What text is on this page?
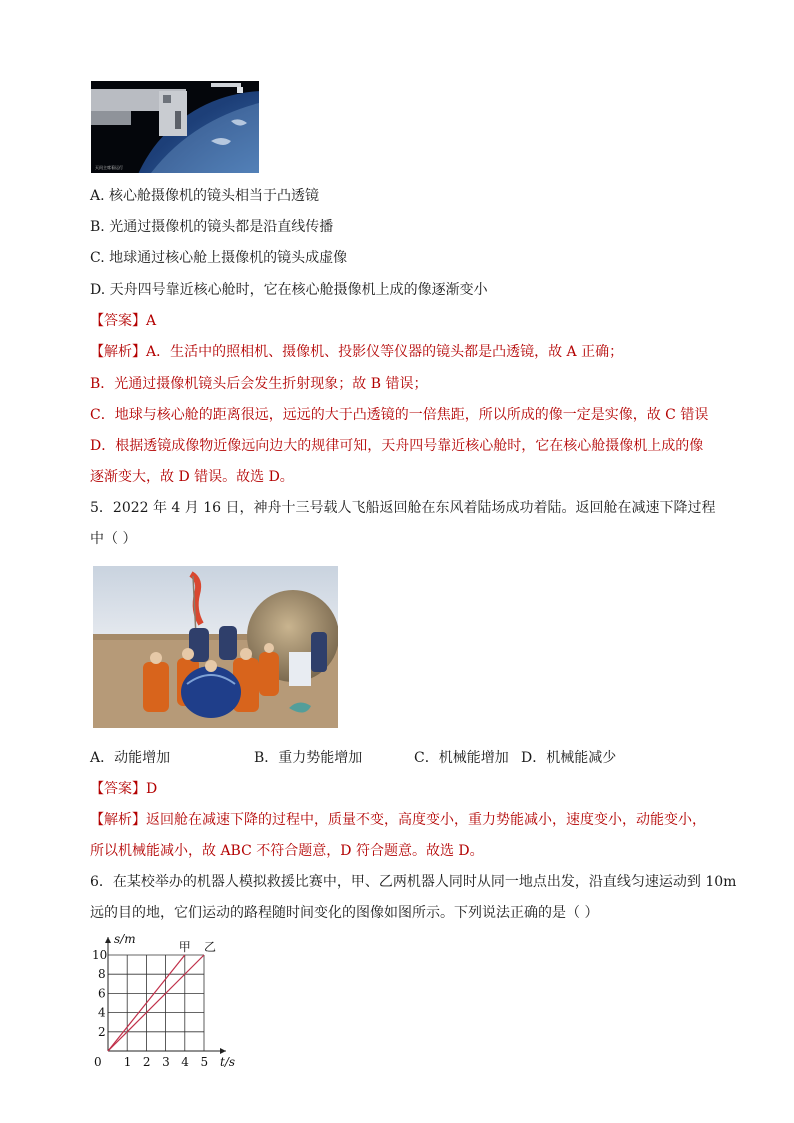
天问主席看运行
A. 核心舱摄像机的镜头相当于凸透镜
B. 光通过摄像机的镜头都是沿直线传播
C. 地球通过核心舱上摄像机的镜头成虚像
D. 天舟四号靠近核心舱时，它在核心舱摄像机上成的像逐渐变小
【答案】A
【解析】A．生活中的照相机、摄像机、投影仪等仪器的镜头都是凸透镜，故 A 正确；
B．光通过摄像机镜头后会发生折射现象；故 B 错误；
C．地球与核心舱的距离很远，远远的大于凸透镜的一倍焦距，所以所成的像一定是实像，故 C 错误
D．根据透镜成像物近像远向边大的规律可知，天舟四号靠近核心舱时，它在核心舱摄像机上成的像
逐渐变大，故 D 错误。故选 D。
5．2022 年 4 月 16 日，神舟十三号载人飞船返回舱在东风着陆场成功着陆。返回舱在减速下降过程
中（ ）
A．动能增加	B．重力势能增加	C．机械能增加 D．机械能减少
【答案】D
【解析】返回舱在减速下降的过程中，质量不变，高度变小，重力势能减小，速度变小，动能变小，
所以机械能减小，故 ABC 不符合题意，D 符合题意。故选 D。
6．在某校举办的机器人模拟救援比赛中，甲、乙两机器人同时从同一地点出发，沿直线匀速运动到 10m
远的目的地，它们运动的路程随时间变化的图像如图所示。下列说法正确的是（ ）
0 1 2 3 4 5
2
4
6
8
10
s/m
t/s
甲 乙
